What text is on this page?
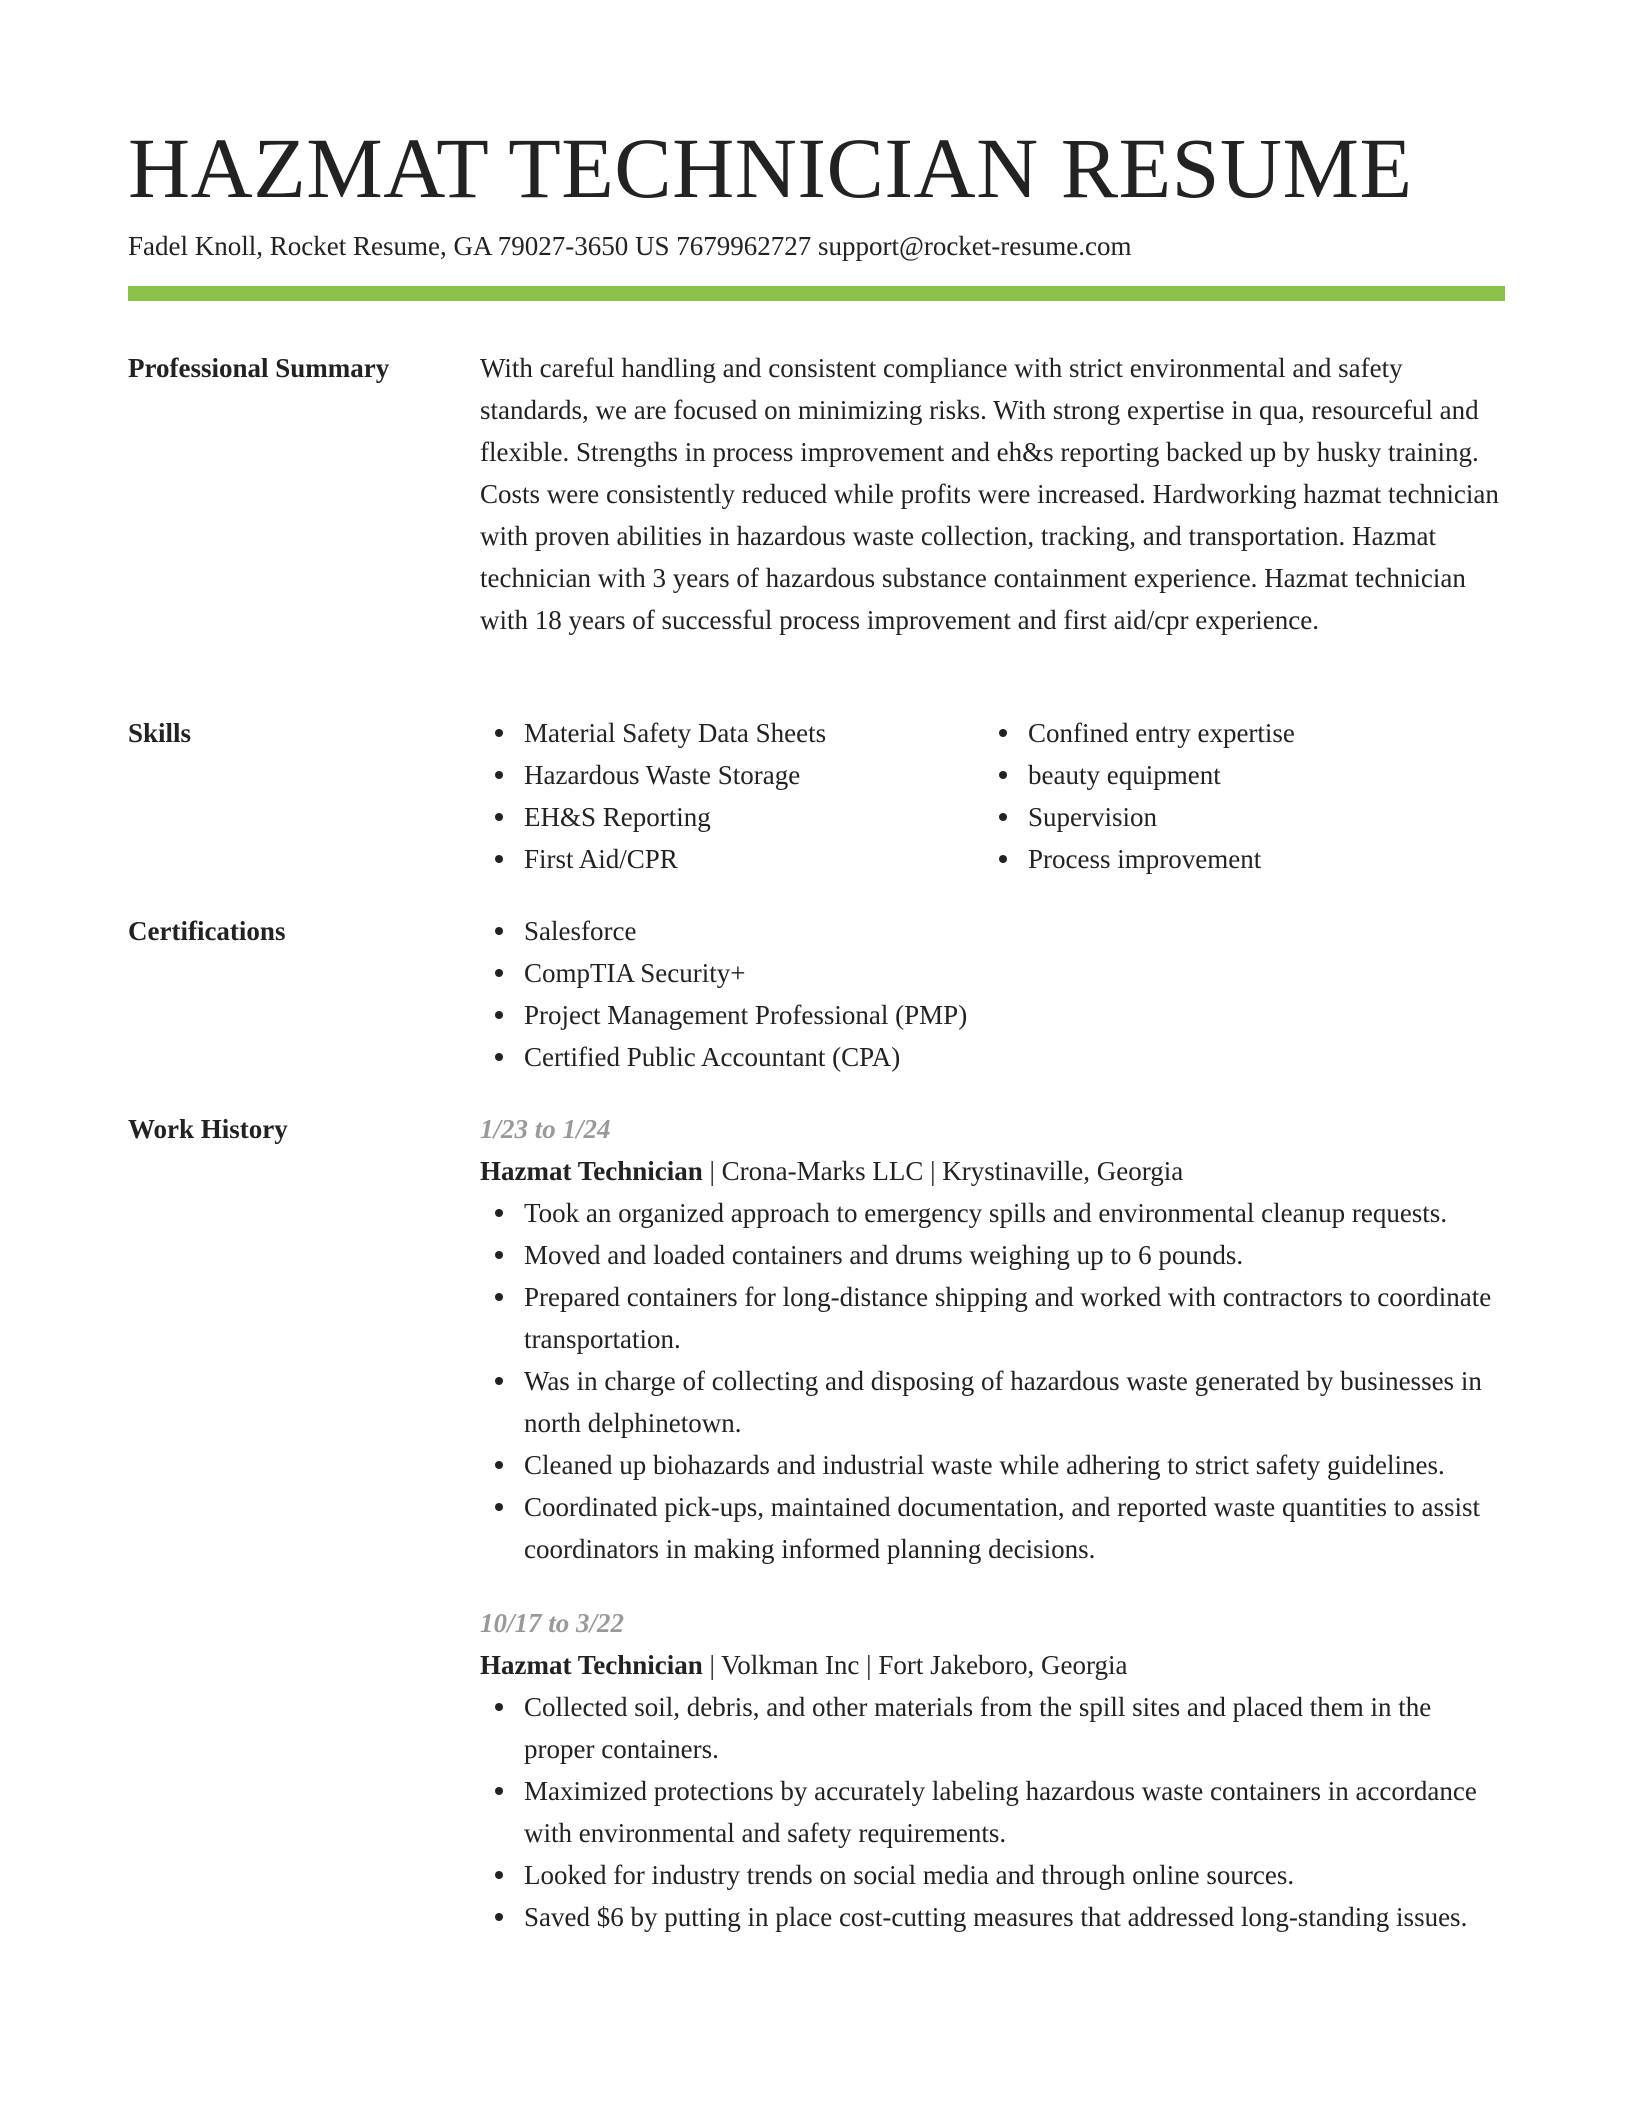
HAZMAT TECHNICIAN RESUME
Fadel Knoll, Rocket Resume, GA 79027-3650 US 7679962727 support@rocket-resume.com
Professional Summary	With careful handling and consistent compliance with strict environmental and safety standards, we are focused on minimizing risks. With strong expertise in qua, resourceful and flexible. Strengths in process improvement and eh&s reporting backed up by husky training. Costs were consistently reduced while profits were increased. Hardworking hazmat technician with proven abilities in hazardous waste collection, tracking, and transportation. Hazmat technician with 3 years of hazardous substance containment experience. Hazmat technician with 18 years of successful process improvement and first aid/cpr experience.

Skills	Material Safety Data Sheets
Hazardous Waste Storage
EH&S Reporting
First Aid/CPR
Confined entry expertise
beauty equipment
Supervision
Process improvement
Certifications	Salesforce
CompTIA Security+
Project Management Professional (PMP)
Certified Public Accountant (CPA)
Work History	1/23 to 1/24
Hazmat Technician | Crona-Marks LLC | Krystinaville, Georgia
Took an organized approach to emergency spills and environmental cleanup requests.
Moved and loaded containers and drums weighing up to 6 pounds.
Prepared containers for long-distance shipping and worked with contractors to coordinate transportation.
Was in charge of collecting and disposing of hazardous waste generated by businesses in north delphinetown.
Cleaned up biohazards and industrial waste while adhering to strict safety guidelines.
Coordinated pick-ups, maintained documentation, and reported waste quantities to assist coordinators in making informed planning decisions.
10/17 to 3/22
Hazmat Technician | Volkman Inc | Fort Jakeboro, Georgia
Collected soil, debris, and other materials from the spill sites and placed them in the proper containers.
Maximized protections by accurately labeling hazardous waste containers in accordance with environmental and safety requirements.
Looked for industry trends on social media and through online sources.
Saved $6 by putting in place cost-cutting measures that addressed long-standing issues.
